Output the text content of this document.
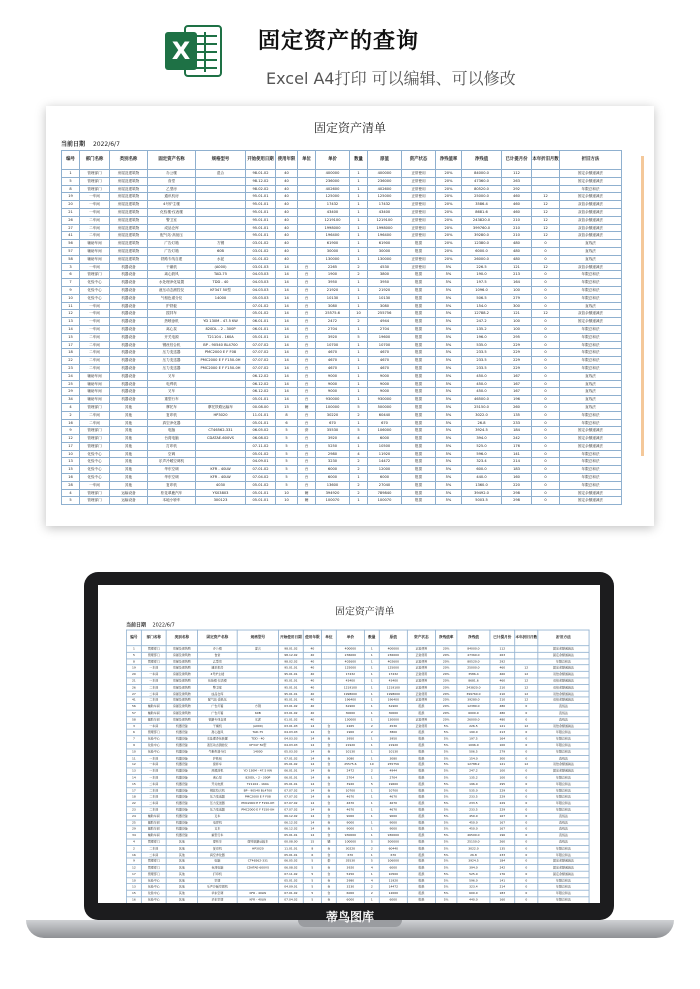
X	固定资产的查询
Excel A4打印 可以编辑、可以修改
固定资产清单
当前日期 2022/6/7
编号	部门名称	类别名称	固定资产名称	规格型号	开始使用日期	使用年限	单位	单价	数量	原值	资产状态	净残值率	净残值	已计提月份	本年折旧月数	折旧方法
1	管理部门	房屋及建筑物	办公楼	混合	98.01.02	40		400000	1	400000	正常使用	20%	84000.0	112		固定余额递减法
5	管理部门	房屋及建筑物	食堂		98.12.02	40		236000	1	236000	正常使用	20%	47360.0	263		固定余额递减法
8	管理部门	房屋及建筑物	乙型房		98.02.02	40		402600	1	402600	正常使用	20%	80520.0	292		年限总和法
19	一车间	房屋及建筑物	通讯机房		95.01.01	40		125000	1	125000	正常使用	20%	25000.0	460	12	固定余额递减法
20	一车间	房屋及建筑物	4号炉主楼		95.01.01	40		17432	1	17432	正常使用	20%	3586.4	460	12	双倍余额递减法
21	一车间	房屋及建筑物	化验楼·仪表楼		95.01.01	40		43400	1	43400	正常使用	20%	8681.6	460	12	双倍余额递减法
26	二车间	房屋及建筑物	警卫室		95.01.01	40		1219100	1	1219100	正常使用	20%	243820.0	210	12	双倍余额递减法
27	二车间	房屋及建筑物	成品仓库		95.01.01	40		1998000	1	1998000	正常使用	20%	399760.0	210	12	双倍余额递减法
41	二车间	房屋及建筑物	配气站·高低压		95.01.01	40		196400	1	196400	正常使用	20%	39280.0	210	12	双倍余额递减法
56	辅助车间	房屋及建筑物	广告灯箱	方钢	03.01.02	40		61900	1	61900	报损	20%	12380.0	480	0	直线法
57	辅助车间	房屋及建筑物	广告灯箱	60B	03.01.02	40		30000	1	30000	报损	20%	6000.0	480	0	直线法
58	辅助车间	房屋及建筑物	铁路专线自建	水泥	01.01.02	40		130000	1	130000	正常使用	20%	26000.0	480	0	直线法
3	一车间	机器设备	干燥机	(A000)	03.01.03	14	台	2265	2	4530	正常使用	5%	226.5	121	12	双倍余额递减法
6	管理部门	机器设备	离心鼓风	TAD-75	04.03.03	14	台	1900	2	3800	报损	5%	190.0	213	0	年限总和法
7	化验中心	机器设备	水处理净化装置	TDD - 40	04.03.03	14	台	3950	1	3950	报损	5%	197.5	164	0	年限总和法
9	化验中心	机器设备	液压动态测控仪	KF347 50型	04.03.03	14	台	21920	1	21920	报损	5%	1096.0	100	0	年限总和法
10	化验中心	机器设备	气相色谱分仪	14000	05.03.03	14	台	10130	1	10130	报损	5%	506.5	279	0	年限总和法
11	一车间	机器设备	护铁板		07.01.02	14	台	3080	1	3080	报损	5%	154.0	300	0	直线法
12	一车间	机器设备	搅拌车		05.01.02	14	台	25575.6	10	255756	报损	5%	12788.2	121	12	双倍余额递减法
13	一车间	机器设备	热喷涂机	YD 130M - 47.5 KW	06.01.01	14	台	2472	2	4944	报损	5%	247.2	100	0	固定余额递减法
14	一车间	机器设备	离心泵	820DL - 2 - 300P	06.01.01	14	台	2704	1	2704	报损	5%	135.2	100	0	年限总和法
15	二车间	机器设备	开关电源	T21104 - 160A	05.01.01	14	台	3920	5	19600	报损	5%	196.0	295	0	年限总和法
17	二车间	机器设备	钢丝绞合机	BP - 90540 BL4700	07.07.02	14	台	10700	1	10700	报损	5%	535.0	229	0	年限总和法
18	二车间	机器设备	压力变送器	PMC2000 E F F08	07.07.02	14	台	4670	1	4670	报损	5%	233.5	229	0	年限总和法
22	二车间	机器设备	压力变送器	PMC2000 E F F150-0H	07.07.02	14	台	4670	1	4670	报损	5%	233.5	229	0	年限总和法
23	二车间	机器设备	压力变送器	PMC2000 E F F150-0H	07.07.02	14	台	4670	1	4670	报损	5%	233.5	229	0	年限总和法
24	辅助车间	机器设备	叉车		06.12.02	14	台	9000	1	9000	报损	5%	450.0	167	0	直线法
25	辅助车间	机器设备	电焊机		06.12.02	14	台	9000	1	9000	报损	5%	450.0	167	0	直线法
29	辅助车间	机器设备	叉车		06.12.02	14	台	9000	1	9000	报损	5%	450.0	167	0	直线法
34	辅助车间	机器设备	重型行车		05.01.01	14	台	930000	1	930000	报损	5%	46500.0	196	0	直线法
4	管理部门	其他	摩托车	摩托铁路运输车	00.08.00	15	辆	100000	5	500000	报损	5%	25150.0	260	0	直线法
2	二车间	其他	复印机	HP3020	11.01.01	8	台	30220	2	60440	报损	5%	3022.0	135	0	年限总和法
16	二车间	其他	真空净化器		05.01.01	6	台	670	1	670	报损	5%	26.8	233	0	年限总和法
9	管理部门	其他	电脑	CT46562-331	06.05.02	5	套	35530	5	106000	报损	5%	3924.5	184	0	固定余额递减法
12	管理部门	其他	台湾电脑	CDATAE-600VS	06.08.02	5	台	3920	4	6000	报损	5%	394.0	242	0	固定余额递减法
17	管理部门	其他	打印机		07.11.02	5	台	5250	1	10500	报损	5%	525.0	176	0	固定余额递减法
10	化验中心	其他	空调		05.01.02	5	台	2980	4	11920	报损	5%	596.0	141	0	年限总和法
13	化验中心	其他	乐声冷暖空调机		04.09.01	5	台	3230	2	14472	报损	5%	323.4	214	0	年限总和法
15	化验中心	其他	华东空调	KFR - 40LW	07.01.02	5	台	6000	2	12000	报损	5%	600.0	183	0	年限总和法
16	化验中心	其他	华东空调	KFR - 40LW	07.04.02	5	台	6000	1	6000	报损	5%	440.0	160	0	年限总和法
28	一车间	其他	复印机	4030	05.01.02	5	台	13600	2	27040	报损	5%	1360.0	220	0	年限总和法
4	管理部门	运输设备	松花翠鹿汽车	YS03803	05.01.01	10	辆	394920	2	789840	报损	5%	39492.0	298	0	固定余额递减法
5	管理部门	运输设备	本地小轿车	300123	05.01.01	10	辆	100070	1	100070	报损	5%	5003.5	298	0	固定余额递减法
固定资产清单
当前日期 2022/6/7
编号	部门名称	类别名称	固定资产名称	规格型号	开始使用日期	使用年限	单位	单价	数量	原值	资产状态	净残值率	净残值	已计提月份	本年折旧月数	折旧方法
1	管理部门	房屋及建筑物	办公楼	混合	98.01.02	40		400000	1	400000	正常使用	20%	84000.0	112		固定余额递减法
5	管理部门	房屋及建筑物	食堂		98.12.02	40		236000	1	236000	正常使用	20%	47360.0	263		固定余额递减法
8	管理部门	房屋及建筑物	乙型房		98.02.02	40		402600	1	402600	正常使用	20%	80520.0	292		年限总和法
19	一车间	房屋及建筑物	通讯机房		95.01.01	40		125000	1	125000	正常使用	20%	25000.0	460	12	固定余额递减法
20	一车间	房屋及建筑物	4号炉主楼		95.01.01	40		17432	1	17432	正常使用	20%	3586.4	460	12	双倍余额递减法
21	一车间	房屋及建筑物	化验楼·仪表楼		95.01.01	40		43400	1	43400	正常使用	20%	8681.6	460	12	双倍余额递减法
26	二车间	房屋及建筑物	警卫室		95.01.01	40		1219100	1	1219100	正常使用	20%	243820.0	210	12	双倍余额递减法
27	二车间	房屋及建筑物	成品仓库		95.01.01	40		1998000	1	1998000	正常使用	20%	399760.0	210	12	双倍余额递减法
41	二车间	房屋及建筑物	配气站·高低压		95.01.01	40		196400	1	196400	正常使用	20%	39280.0	210	12	双倍余额递减法
56	辅助车间	房屋及建筑物	广告灯箱	方钢	03.01.02	40		61900	1	61900	报损	20%	12380.0	480	0	直线法
57	辅助车间	房屋及建筑物	广告灯箱	60B	03.01.02	40		30000	1	30000	报损	20%	6000.0	480	0	直线法
58	辅助车间	房屋及建筑物	铁路专线自建	水泥	01.01.02	40		130000	1	130000	正常使用	20%	26000.0	480	0	直线法
3	一车间	机器设备	干燥机	(A000)	03.01.03	14	台	2265	2	4530	正常使用	5%	226.5	121	12	双倍余额递减法
6	管理部门	机器设备	离心鼓风	TAD-75	04.03.03	14	台	1900	2	3800	报损	5%	190.0	213	0	年限总和法
7	化验中心	机器设备	水处理净化装置	TDD - 40	04.03.03	14	台	3950	1	3950	报损	5%	197.5	164	0	年限总和法
9	化验中心	机器设备	液压动态测控仪	KF347 50型	04.03.03	14	台	21920	1	21920	报损	5%	1096.0	100	0	年限总和法
10	化验中心	机器设备	气相色谱分仪	14000	05.03.03	14	台	10130	1	10130	报损	5%	506.5	279	0	年限总和法
11	一车间	机器设备	护铁板		07.01.02	14	台	3080	1	3080	报损	5%	154.0	300	0	直线法
12	一车间	机器设备	搅拌车		05.01.02	14	台	25575.6	10	255756	报损	5%	12788.2	121	12	双倍余额递减法
13	一车间	机器设备	热喷涂机	YD 130M - 47.5 KW	06.01.01	14	台	2472	2	4944	报损	5%	247.2	100	0	固定余额递减法
14	一车间	机器设备	离心泵	820DL - 2 - 300P	06.01.01	14	台	2704	1	2704	报损	5%	135.2	100	0	年限总和法
15	二车间	机器设备	开关电源	T21104 - 160A	05.01.01	14	台	3920	5	19600	报损	5%	196.0	295	0	年限总和法
17	二车间	机器设备	钢丝绞合机	BP - 90540 BL4700	07.07.02	14	台	10700	1	10700	报损	5%	535.0	229	0	年限总和法
18	二车间	机器设备	压力变送器	PMC2000 E F F08	07.07.02	14	台	4670	1	4670	报损	5%	233.5	229	0	年限总和法
22	二车间	机器设备	压力变送器	PMC2000 E F F150-0H	07.07.02	14	台	4670	1	4670	报损	5%	233.5	229	0	年限总和法
23	二车间	机器设备	压力变送器	PMC2000 E F F150-0H	07.07.02	14	台	4670	1	4670	报损	5%	233.5	229	0	年限总和法
24	辅助车间	机器设备	叉车		06.12.02	14	台	9000	1	9000	报损	5%	450.0	167	0	直线法
25	辅助车间	机器设备	电焊机		06.12.02	14	台	9000	1	9000	报损	5%	450.0	167	0	直线法
29	辅助车间	机器设备	叉车		06.12.02	14	台	9000	1	9000	报损	5%	450.0	167	0	直线法
34	辅助车间	机器设备	重型行车		05.01.01	14	台	930000	1	930000	报损	5%	46500.0	196	0	直线法
4	管理部门	其他	摩托车	摩托铁路运输车	00.08.00	15	辆	100000	5	500000	报损	5%	25150.0	260	0	直线法
2	二车间	其他	复印机	HP3020	11.01.01	8	台	30220	2	60440	报损	5%	3022.0	135	0	年限总和法
16	二车间	其他	真空净化器		05.01.01	6	台	670	1	670	报损	5%	26.8	233	0	年限总和法
9	管理部门	其他	电脑	CT46562-331	06.05.02	5	套	35530	5	106000	报损	5%	3924.5	184	0	固定余额递减法
12	管理部门	其他	台湾电脑	CDATAE-600VS	06.08.02	5	台	3920	4	6000	报损	5%	394.0	242	0	固定余额递减法
17	管理部门	其他	打印机		07.11.02	5	台	5250	1	10500	报损	5%	525.0	176	0	固定余额递减法
10	化验中心	其他	空调		05.01.02	5	台	2980	4	11920	报损	5%	596.0	141	0	年限总和法
13	化验中心	其他	乐声冷暖空调机		04.09.01	5	台	3230	2	14472	报损	5%	323.4	214	0	年限总和法
15	化验中心	其他	华东空调	KFR - 40LW	07.01.02	5	台	6000	2	12000	报损	5%	600.0	183	0	年限总和法
16	化验中心	其他	华东空调	KFR - 40LW	07.04.02	5	台	6000	1	6000	报损	5%	440.0	160	0	年限总和法

蒂鸟图库
